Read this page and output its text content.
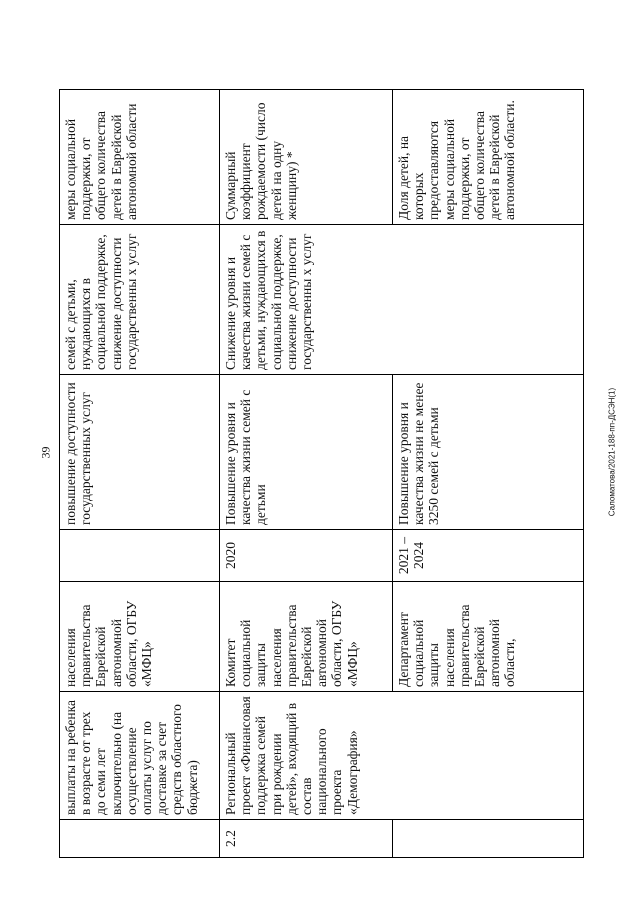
39	Саломатова/2021-188-пп-ДСЭН(1)
	выплаты на ребенка в возрасте от трех до семи лет включительно (на осуществление оплаты услуг по доставке за счет средств областного бюджета)	населения правительства Еврейской автономной области, ОГБУ «МФЦ»		повышение доступности государственных услуг	семей с детьми, нуждающихся в социальной поддержке, снижение доступности государственны х услуг	меры социальной поддержки, от общего количества детей в Еврейской автономной области
2.2	Региональный проект «Финансовая поддержка семей при рождении детей», входящий в состав национального проекта «Демография»	Комитет социальной защиты населения правительства Еврейской автономной области, ОГБУ «МФЦ»	2020	Повышение уровня и качества жизни семей с детьми	Снижение уровня и качества жизни семей с детьми, нуждающихся в социальной поддержке, снижение доступности государственны х услуг	Суммарный коэффициент рождаемости (число детей на одну женщину) *
		Департамент социальной защиты населения правительства Еврейской автономной области,	2021 – 2024	Повышение уровня и качества жизни не менее 3250 семей с детьми		Доля детей, на которых предоставляются меры социальной поддержки, от общего количества детей в Еврейской автономной области.
